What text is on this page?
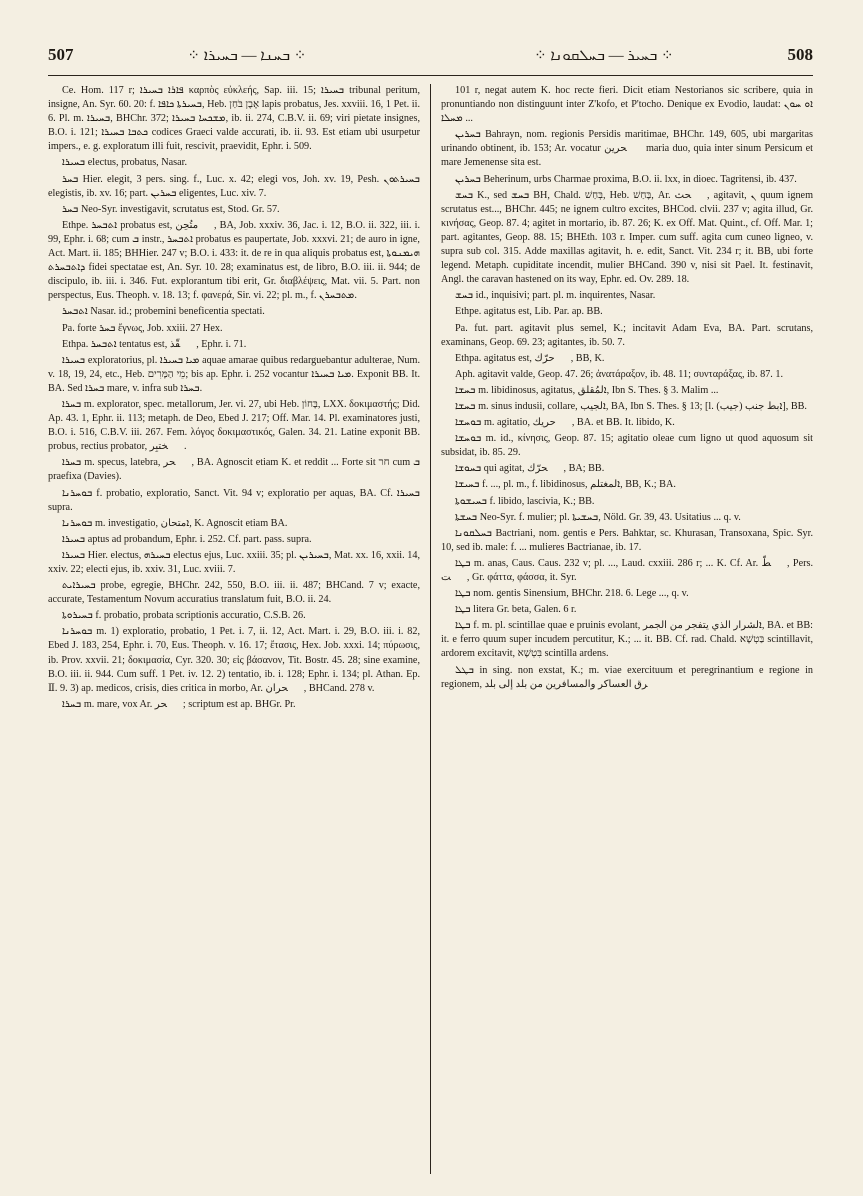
507	⁘ ܒܚܢܐ — ܒܚܝܪܐ ⁘	⁘ ܒܚܝܪ — ܒܚܠܩܘܢܐ ⁘	508

Ce. Hom. 117 r; ܦܐܪܐ ܒܚܝܪܐ καρπὸς εὐκλεής, Sap. iii. 15; ܒܚܝܪܐ tribunal peritum, insigne, An. Syr. 60. 20: f. ܒܚܝܪܬܐ ܟܐܦܐ, Heb. אֶבֶן בֹּחַן lapis probatus, Jes. xxviii. 16, 1 Pet. ii. 6. Pl. m. ܒܚܝܪܐ, BHChr. 372; ܡܫܟܚܐ ܒܚܝܪܐ, ib. ii. 274, C.B.V. ii. 69; viri pietate insignes, B.O. i. 121; ܟܬܒܐ ܒܚܝܪܐ codices Graeci valde accurati, ib. ii. 93. Est etiam ubi usurpetur impers., e. g. exploratum illi fuit, rescivit, praevidit, Ephr. i. 509.

ܒܚܝܪܐ electus, probatus, Nasar.

ܒܚܪ Hier. elegit, 3 pers. sing. f., Luc. x. 42; elegi vos, Joh. xv. 19, Pesh. ܒܚܝܪܬܘܢ elegistis, ib. xv. 16; part. ܒܚܪܝܢ eligentes, Luc. xiv. 7.

ܒܚܪ Neo-Syr. investigavit, scrutatus est, Stod. Gr. 57.

Ethpe. ܐܬܒܚܪ probatus est, ܐُمتُحِن, BA, Job. xxxiv. 36, Jac. i. 12, B.O. ii. 322, iii. i. 99, Ephr. i. 68; cum ܒ instr., ܐܬܒܚܪ probatus es paupertate, Job. xxxvi. 21; de auro in igne, Act. Mart. ii. 185; BHHier. 247 v; B.O. i. 433: it. de re in qua aliquis probatus est, ܗܝܡܢܘܬܐ ܕܐܬܒܚܪܬ fidei spectatae est, An. Syr. 10. 28; examinatus est, de libro, B.O. iii. ii. 944; de discipulo, ib. iii. i. 346. Fut. explorantum tibi erit, Gr. διαβλέψεις, Mat. vii. 5. Part. non perspectus, Eus. Theoph. v. 18. 13; f. φανερά, Sir. vi. 22; pl. m., f. ܡܬܒܚܪܢ.

ܐܬܒܚܪ Nasar. id.; probemini beneficentia spectati.

Pa. forte ܒܚܪ ἔγνως, Job. xxiii. 27 Hex.

Ethpa. ܐܬܒܚܪ tentatus est, ܢُقّذ, Ephr. i. 71.

ܒܚܝܪܐ exploratorius, pl. ܡܝܐ ܒܚܝܪܐ aquae amarae quibus redarguebantur adulterae, Num. v. 18, 19, 24, etc., Heb. מֵי הַמָּרִים; bis ap. Ephr. i. 252 vocantur ܡܝܐ ܒܚܝܪܐ. Exponit BB. It. BA. Sed ܒܚܪܐ mare, v. infra sub ܒܚܪܐ.

ܒܚܪܐ m. explorator, spec. metallorum, Jer. vi. 27, ubi Heb. בָּחוֹן, LXX. δοκιμαστής; Did. Ap. 43. 1, Ephr. ii. 113; metaph. de Deo, Ebed J. 217; Off. Mar. 14. Pl. examinatores justi, B.O. i. 516, C.B.V. iii. 267. Fem. λόγος δοκιμαστικός, Galen. 34. 21. Latine exponit BB. probus, rectius probator, ܡُختبِر.

ܒܚܪܐ m. specus, latebra, ܓُحر, BA. Agnoscit etiam K. et reddit ... Forte sit חר cum ܒ praefixa (Davies).

ܒܘܚܪܢܐ f. probatio, exploratio, Sanct. Vit. 94 v; exploratio per aquas, BA. Cf. ܒܚܝܪܐ supra.

ܒܘܚܪܢܐ m. investigatio, ܐمتحان, K. Agnoscit etiam BA.

ܒܚܝܪܐ aptus ad probandum, Ephr. i. 252. Cf. part. pass. supra.

ܒܚܝܪܐ Hier. electus, ܒܚܝܪܗ electus ejus, Luc. xxiii. 35; pl. ܒܚܝܪܝܢ, Mat. xx. 16, xxii. 14, xxiv. 22; electi ejus, ib. xxiv. 31, Luc. xviii. 7.

ܒܚܝܪܐܝܬ probe, egregie, BHChr. 242, 550, B.O. iii. ii. 487; BHCand. 7 v; exacte, accurate, Testamentum Novum accuratius translatum fuit, B.O. ii. 24.

ܒܚܝܪܘܬܐ f. probatio, probata scriptionis accuratio, C.S.B. 26.

ܒܘܚܪܢܐ m. 1) exploratio, probatio, 1 Pet. i. 7, ii. 12, Act. Mart. i. 29, B.O. iii. i. 82, Ebed J. 183, 254, Ephr. i. 70, Eus. Theoph. v. 16. 17; ἔτασις, Hex. Job. xxxi. 14; πύρωσις, ib. Prov. xxvii. 21; δοκιμασία, Cyr. 320. 30; εἰς βάσανον, Tit. Bostr. 45. 28; sine examine, B.O. iii. ii. 944. Cum suff. 1 Pet. iv. 12. 2) tentatio, ib. i. 128; Ephr. i. 134; pl. Athan. Ep. Ⅱ. 9. 3) ap. medicos, crisis, dies critica in morbo, Ar. ܒُحران, BHCand. 278 v.

ܒܚܪܐ m. mare, vox Ar. ܒَحر; scriptum est ap. BHGr. Pr.

101 r, negat autem K. hoc recte fieri. Dicit etiam Nestorianos sic scribere, quia in pronuntiando non distinguunt inter Z'kofo, et P'tocho. Denique ex Evodio, laudat: ܐܘ ܚܘܢ ܡܚܠܐ ...

ܒܚܪܝܢ Bahrayn, nom. regionis Persidis maritimae, BHChr. 149, 605, ubi margaritas urinando obtinent, ib. 153; Ar. vocatur ܒَحرين maria duo, quia inter sinum Persicum et mare Jemenense sita est.

ܒܚܪܝܢ Beherinum, urbs Charmae proxima, B.O. ii. lxx, in dioec. Tagritensi, ib. 437.

ܒܚܫ K., sed ܒܚܫ BH, Chald. בְּחַשׁ, Heb. בָּחַשׁ, Ar. ܒَحث, agitavit, ܢ quum ignem scrutatus est..., BHChr. 445; ne ignem cultro excites, BHCod. clvii. 237 v; agita illud, Gr. κινήσας, Geop. 87. 4; agitet in mortario, ib. 87. 26; K. ex Off. Mat. Quint., cf. Off. Mar. 1; part. agitantes, Geop. 88. 15; BHEth. 103 r. Imper. cum suff. agita cum cuneo ligneo, v. supra sub col. 315. Adde maxillas agitavit, h. e. edit, Sanct. Vit. 234 r; it. BB, ubi forte legend. Metaph. cupiditate incendit, mulier BHCand. 390 v, nisi sit Pael. It. festinavit, Angl. the caravan hastened on its way, Ephr. ed. Ov. 289. 18.

ܒܚܫ id., inquisivi; part. pl. m. inquirentes, Nasar.

Ethpe. agitatus est, Lib. Par. ap. BB.

Pa. fut. part. agitavit plus semel, K.; incitavit Adam Eva, BA. Part. scrutans, examinans, Geop. 69. 23; agitantes, ib. 50. 7.

Ethpa. agitatus est, ܬَحرّك, BB, K.

Aph. agitavit valde, Geop. 47. 26; ἀνατάραξον, ib. 48. 11; συνταράξας, ib. 87. 1.

ܒܚܫܐ m. libidinosus, agitatus, ܐلمُقلق, Ibn S. Thes. § 3. Malim ...

ܒܚܫܐ m. sinus indusii, collare, ܐلجيب, BA, Ibn S. Thes. § 13; [l. ܐبط جنب (جيب)], BB.

ܒܘܚܫܐ m. agitatio, ܬَحريك, BA. et BB. It. libido, K.

ܒܘܚܫܐ m. id., κίνησις, Geop. 87. 15; agitatio oleae cum ligno ut quod aquosum sit subsidat, ib. 85. 29.

ܒܚܘܫܐ qui agitat, ܡُحرّك, BA; BB.

ܒܚܝܫܐ f. ..., pl. m., f. libidinosus, ܐلمغتلم, BB, K.; BA.

ܒܚܝܫܘܬܐ f. libido, lascivia, K.; BB.

ܒܚܫܬܐ Neo-Syr. f. mulier; pl. ܒܚܫܝܬܐ, Nöld. Gr. 39, 43. Usitatius ... q. v.

ܒܚܠܩܘܢܐ Bactriani, nom. gentis e Pers. Bahktar, sc. Khurasan, Transoxana, Spic. Syr. 10, sed ib. male: f. ... mulieres Bactrianae, ib. 17.

ܒܛܐ m. anas, Caus. Caus. 232 v; pl. ..., Laud. cxxiii. 286 r; ... K. Cf. Ar. ܒَطّ, Pers. ܒَت, Gr. φάττα, φάσσα, it. Syr.

ܒܛܐ nom. gentis Sinensium, BHChr. 218. 6. Lege ..., q. v.

ܒܛܐ litera Gr. beta, Galen. 6 r.

ܒܛܐ f. m. pl. scintillae quae e pruinis evolant, ܐلشرار الذي يتفجر من الجمر, BA. et BB: it. e ferro quum super incudem percutitur, K.; ... it. BB. Cf. rad. Chald. בַּטְשָׁא scintillavit, ardorem excitavit, בִּטְשָׁא scintilla ardens.

ܒܛܠ in sing. non exstat, K.; m. viae exercituum et peregrinantium e regione in regionem, ܛُرق العساكر والمسافرين من بلد إلى بلد
